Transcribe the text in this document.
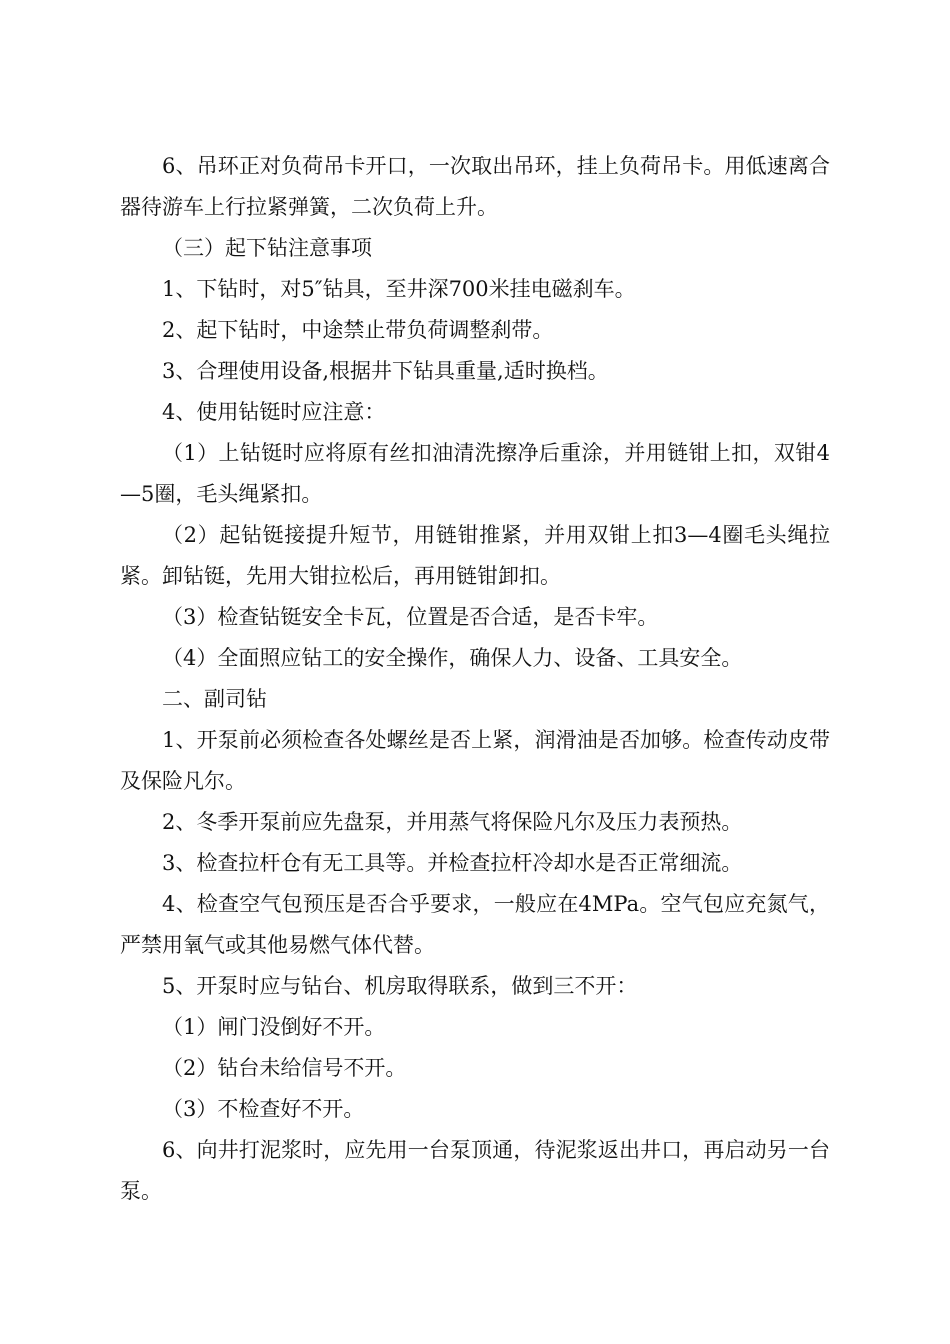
6、吊环正对负荷吊卡开口，一次取出吊环，挂上负荷吊卡。用低速离合器待游车上行拉紧弹簧，二次负荷上升。

（三）起下钻注意事项

1、下钻时，对5″钻具，至井深700米挂电磁刹车。

2、起下钻时，中途禁止带负荷调整刹带。

3、合理使用设备,根据井下钻具重量,适时换档。

4、使用钻铤时应注意：

（1）上钻铤时应将原有丝扣油清洗擦净后重涂，并用链钳上扣，双钳4—5圈，毛头绳紧扣。

（2）起钻铤接提升短节，用链钳推紧，并用双钳上扣3—4圈毛头绳拉紧。卸钻铤，先用大钳拉松后，再用链钳卸扣。

（3）检查钻铤安全卡瓦，位置是否合适，是否卡牢。

（4）全面照应钻工的安全操作，确保人力、设备、工具安全。

二、副司钻

1、开泵前必须检查各处螺丝是否上紧，润滑油是否加够。检查传动皮带及保险凡尔。

2、冬季开泵前应先盘泵，并用蒸气将保险凡尔及压力表预热。

3、检查拉杆仓有无工具等。并检查拉杆冷却水是否正常细流。

4、检查空气包预压是否合乎要求，一般应在4MPa。空气包应充氮气，严禁用氧气或其他易燃气体代替。

5、开泵时应与钻台、机房取得联系，做到三不开：

（1）闸门没倒好不开。

（2）钻台未给信号不开。

（3）不检查好不开。

6、向井打泥浆时，应先用一台泵顶通，待泥浆返出井口，再启动另一台泵。
